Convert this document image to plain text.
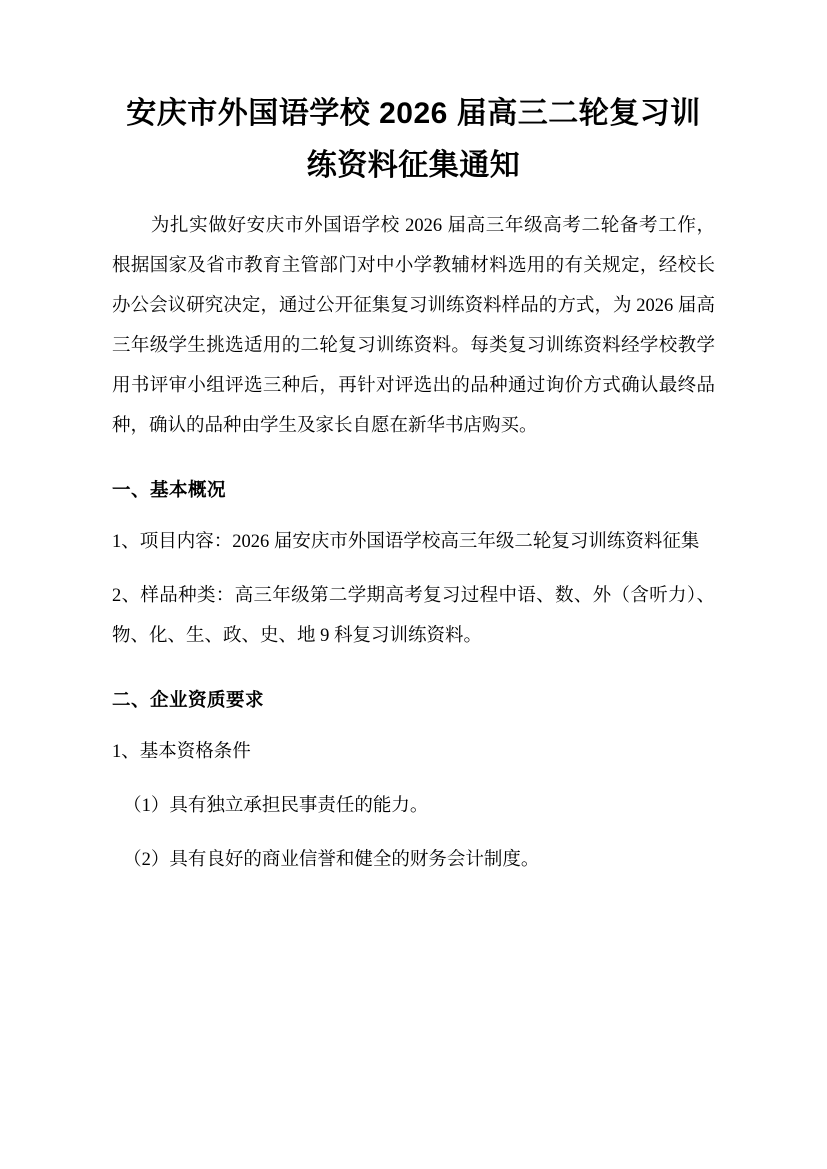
安庆市外国语学校 2026 届高三二轮复习训练资料征集通知

为扎实做好安庆市外国语学校 2026 届高三年级高考二轮备考工作，根据国家及省市教育主管部门对中小学教辅材料选用的有关规定，经校长办公会议研究决定，通过公开征集复习训练资料样品的方式，为 2026 届高三年级学生挑选适用的二轮复习训练资料。每类复习训练资料经学校教学用书评审小组评选三种后，再针对评选出的品种通过询价方式确认最终品种，确认的品种由学生及家长自愿在新华书店购买。

一、基本概况

1、项目内容：2026 届安庆市外国语学校高三年级二轮复习训练资料征集

2、样品种类：高三年级第二学期高考复习过程中语、数、外（含听力）、物、化、生、政、史、地 9 科复习训练资料。

二、企业资质要求

1、基本资格条件

（1）具有独立承担民事责任的能力。

（2）具有良好的商业信誉和健全的财务会计制度。
